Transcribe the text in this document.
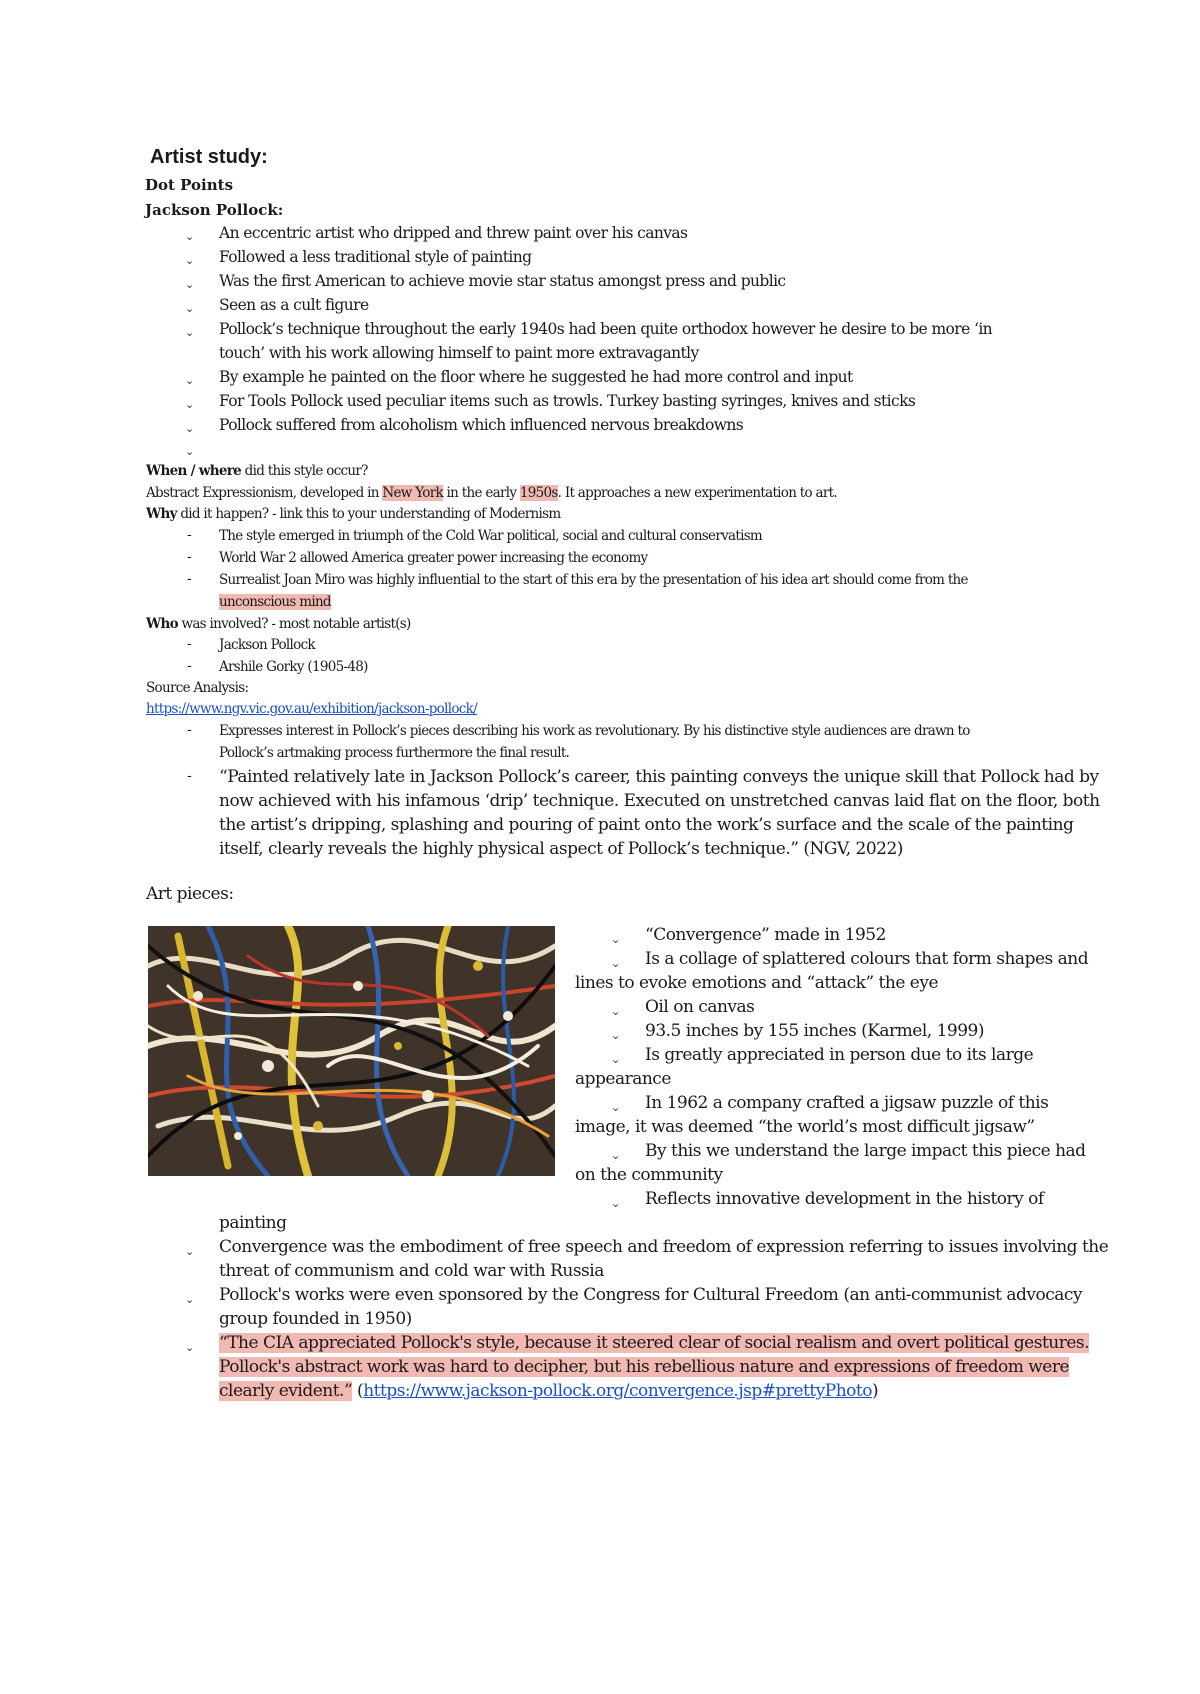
Artist study:
Dot Points
Jackson Pollock:
⌄ An eccentric artist who dripped and threw paint over his canvas
⌄ Followed a less traditional style of painting
⌄ Was the first American to achieve movie star status amongst press and public
⌄ Seen as a cult figure
⌄ Pollock’s technique throughout the early 1940s had been quite orthodox however he desire to be more ‘in
touch’ with his work allowing himself to paint more extravagantly
⌄ By example he painted on the floor where he suggested he had more control and input
⌄ For Tools Pollock used peculiar items such as trowls. Turkey basting syringes, knives and sticks
⌄ Pollock suffered from alcoholism which influenced nervous breakdowns
⌄
When / where did this style occur?
Abstract Expressionism, developed in New York in the early 1950s. It approaches a new experimentation to art.
Why did it happen? - link this to your understanding of Modernism
- The style emerged in triumph of the Cold War political, social and cultural conservatism
- World War 2 allowed America greater power increasing the economy
- Surrealist Joan Miro was highly influential to the start of this era by the presentation of his idea art should come from the
unconscious mind
Who was involved? - most notable artist(s)
- Jackson Pollock
- Arshile Gorky (1905-48)
Source Analysis:
https://www.ngv.vic.gov.au/exhibition/jackson-pollock/
- Expresses interest in Pollock’s pieces describing his work as revolutionary. By his distinctive style audiences are drawn to
Pollock’s artmaking process furthermore the final result.
- “Painted relatively late in Jackson Pollock’s career, this painting conveys the unique skill that Pollock had by
now achieved with his infamous ‘drip’ technique. Executed on unstretched canvas laid flat on the floor, both
the artist’s dripping, splashing and pouring of paint onto the work’s surface and the scale of the painting
itself, clearly reveals the highly physical aspect of Pollock’s technique.” (NGV, 2022)
Art pieces:
⌄ “Convergence” made in 1952
⌄ Is a collage of splattered colours that form shapes and
lines to evoke emotions and “attack” the eye
⌄ Oil on canvas
⌄ 93.5 inches by 155 inches (Karmel, 1999)
⌄ Is greatly appreciated in person due to its large
appearance
⌄ In 1962 a company crafted a jigsaw puzzle of this
image, it was deemed “the world’s most difficult jigsaw”
⌄ By this we understand the large impact this piece had
on the community
⌄ Reflects innovative development in the history of
painting
⌄ Convergence was the embodiment of free speech and freedom of expression referring to issues involving the
threat of communism and cold war with Russia
⌄ Pollock's works were even sponsored by the Congress for Cultural Freedom (an anti-communist advocacy
group founded in 1950)
⌄ “The CIA appreciated Pollock's style, because it steered clear of social realism and overt political gestures.
Pollock's abstract work was hard to decipher, but his rebellious nature and expressions of freedom were
clearly evident.” (https://www.jackson-pollock.org/convergence.jsp#prettyPhoto)
